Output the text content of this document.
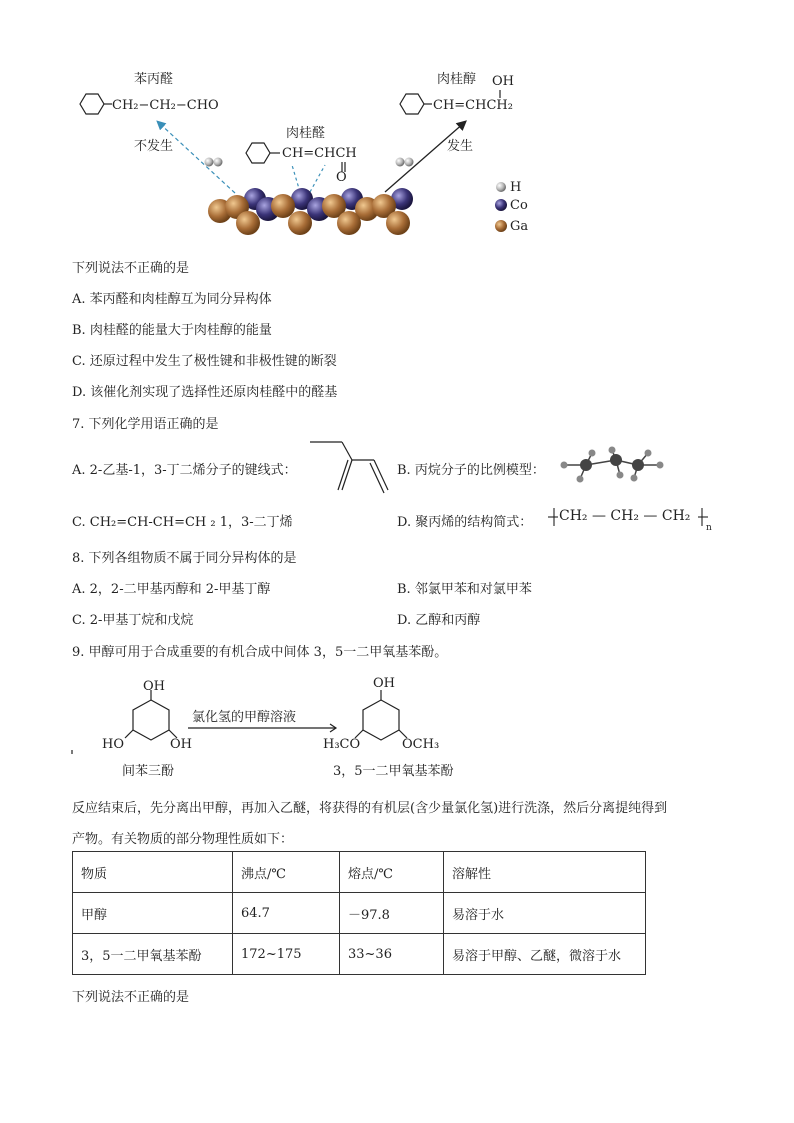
苯丙醛
CH₂−CH₂−CHO
肉桂醛
CH=CHCH
O
肉桂醇 OH
CH=CHCH₂
不发生	发生
H
Co
Ga
下列说法不正确的是
A. 苯丙醛和肉桂醇互为同分异构体
B. 肉桂醛的能量大于肉桂醇的能量
C. 还原过程中发生了极性键和非极性键的断裂
D. 该催化剂实现了选择性还原肉桂醛中的醛基
7. 下列化学用语正确的是
A. 2-乙基-1，3-丁二烯分子的键线式：	B. 丙烷分子的比例模型：
C. CH₂=CH-CH=CH ₂ 1，3-二丁烯	D. 聚丙烯的结构简式： CH₂ — CH₂ — CH₂
n
8. 下列各组物质不属于同分异构体的是
A. 2，2-二甲基丙醇和 2-甲基丁醇	B. 邻氯甲苯和对氯甲苯
C. 2-甲基丁烷和戊烷	D. 乙醇和丙醇
9. 甲醇可用于合成重要的有机合成中间体 3，5一二甲氧基苯酚。
OH
HO	OH
氯化氢的甲醇溶液
OH
H₃CO	OCH₃
间苯三酚	3，5一二甲氧基苯酚
反应结束后，先分离出甲醇，再加入乙醚，将获得的有机层(含少量氯化氢)进行洗涤，然后分离提纯得到
产物。有关物质的部分物理性质如下：
物质	沸点/℃	熔点/℃	溶解性
甲醇	64.7	－97.8	易溶于水
3，5一二甲氧基苯酚	172~175	33~36	易溶于甲醇、乙醚，微溶于水
下列说法不正确的是
